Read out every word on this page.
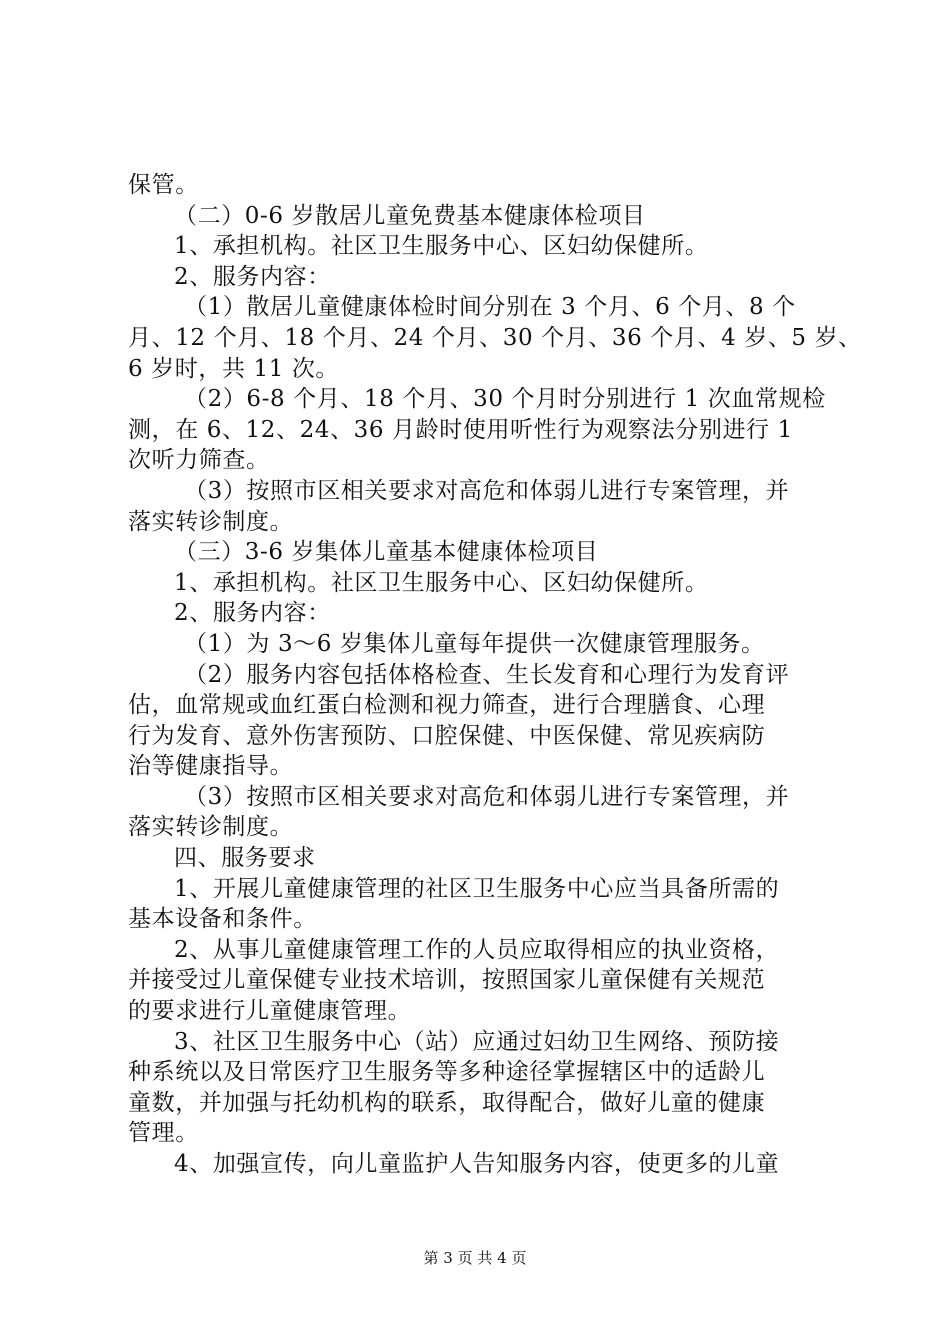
保管。
（二）0-6 岁散居儿童免费基本健康体检项目
1、承担机构。社区卫生服务中心、区妇幼保健所。
2、服务内容：
（1）散居儿童健康体检时间分别在 3 个月、6 个月、8 个
月、12 个月、18 个月、24 个月、30 个月、36 个月、4 岁、5 岁、
6 岁时，共 11 次。
（2）6-8 个月、18 个月、30 个月时分别进行 1 次血常规检
测，在 6、12、24、36 月龄时使用听性行为观察法分别进行 1
次听力筛查。
（3）按照市区相关要求对高危和体弱儿进行专案管理，并
落实转诊制度。
（三）3-6 岁集体儿童基本健康体检项目
1、承担机构。社区卫生服务中心、区妇幼保健所。
2、服务内容：
（1）为 3～6 岁集体儿童每年提供一次健康管理服务。
（2）服务内容包括体格检查、生长发育和心理行为发育评
估，血常规或血红蛋白检测和视力筛查，进行合理膳食、心理
行为发育、意外伤害预防、口腔保健、中医保健、常见疾病防
治等健康指导。
（3）按照市区相关要求对高危和体弱儿进行专案管理，并
落实转诊制度。
四、服务要求
1、开展儿童健康管理的社区卫生服务中心应当具备所需的
基本设备和条件。
2、从事儿童健康管理工作的人员应取得相应的执业资格，
并接受过儿童保健专业技术培训，按照国家儿童保健有关规范
的要求进行儿童健康管理。
3、社区卫生服务中心（站）应通过妇幼卫生网络、预防接
种系统以及日常医疗卫生服务等多种途径掌握辖区中的适龄儿
童数，并加强与托幼机构的联系，取得配合，做好儿童的健康
管理。
4、加强宣传，向儿童监护人告知服务内容，使更多的儿童
第 3 页 共 4 页
